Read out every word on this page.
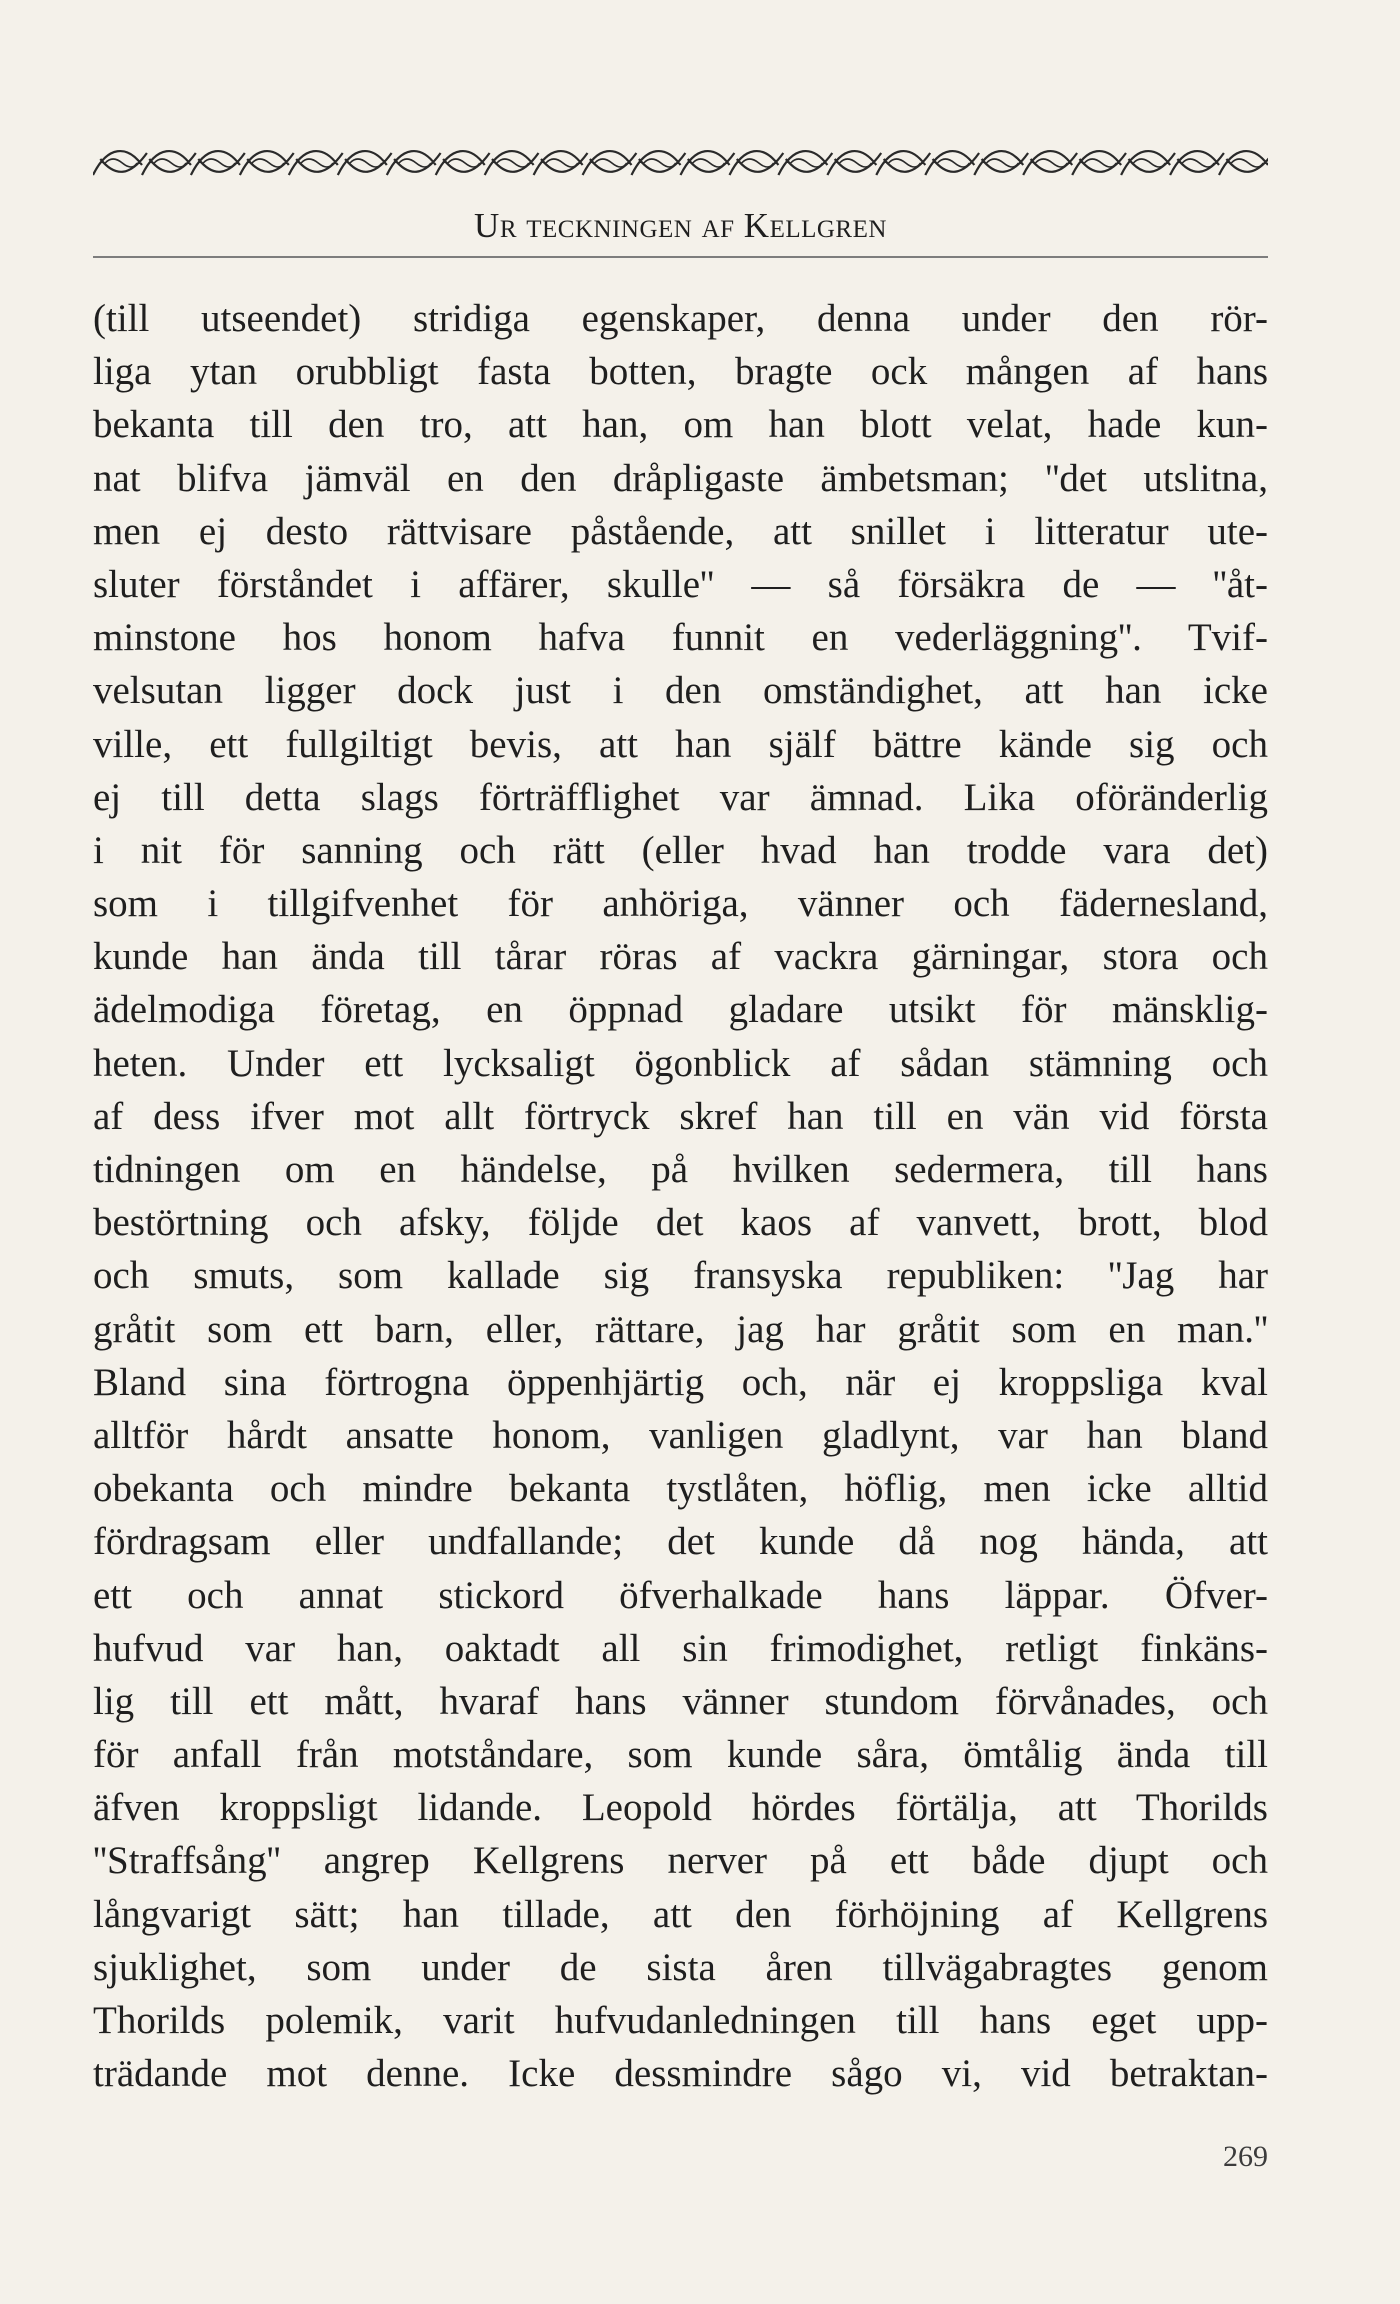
Ur teckningen af Kellgren
(till utseendet) stridiga egenskaper, denna under den rör-
liga ytan orubbligt fasta botten, bragte ock mången af hans
bekanta till den tro, att han, om han blott velat, hade kun-
nat blifva jämväl en den dråpligaste ämbetsman; ''det utslitna,
men ej desto rättvisare påstående, att snillet i litteratur ute-
sluter förståndet i affärer, skulle'' — så försäkra de — ''åt-
minstone hos honom hafva funnit en vederläggning''. Tvif-
velsutan ligger dock just i den omständighet, att han icke
ville, ett fullgiltigt bevis, att han själf bättre kände sig och
ej till detta slags förträfflighet var ämnad. Lika oföränderlig
i nit för sanning och rätt (eller hvad han trodde vara det)
som i tillgifvenhet för anhöriga, vänner och fädernesland,
kunde han ända till tårar röras af vackra gärningar, stora och
ädelmodiga företag, en öppnad gladare utsikt för mänsklig-
heten. Under ett lycksaligt ögonblick af sådan stämning och
af dess ifver mot allt förtryck skref han till en vän vid första
tidningen om en händelse, på hvilken sedermera, till hans
bestörtning och afsky, följde det kaos af vanvett, brott, blod
och smuts, som kallade sig fransyska republiken: ''Jag har
gråtit som ett barn, eller, rättare, jag har gråtit som en man.''
Bland sina förtrogna öppenhjärtig och, när ej kroppsliga kval
alltför hårdt ansatte honom, vanligen gladlynt, var han bland
obekanta och mindre bekanta tystlåten, höflig, men icke alltid
fördragsam eller undfallande; det kunde då nog hända, att
ett och annat stickord öfverhalkade hans läppar. Öfver-
hufvud var han, oaktadt all sin frimodighet, retligt finkäns-
lig till ett mått, hvaraf hans vänner stundom förvånades, och
för anfall från motståndare, som kunde såra, ömtålig ända till
äfven kroppsligt lidande. Leopold hördes förtälja, att Thorilds
''Straffsång'' angrep Kellgrens nerver på ett både djupt och
långvarigt sätt; han tillade, att den förhöjning af Kellgrens
sjuklighet, som under de sista åren tillvägabragtes genom
Thorilds polemik, varit hufvudanledningen till hans eget upp-
trädande mot denne. Icke dessmindre sågo vi, vid betraktan-
269
